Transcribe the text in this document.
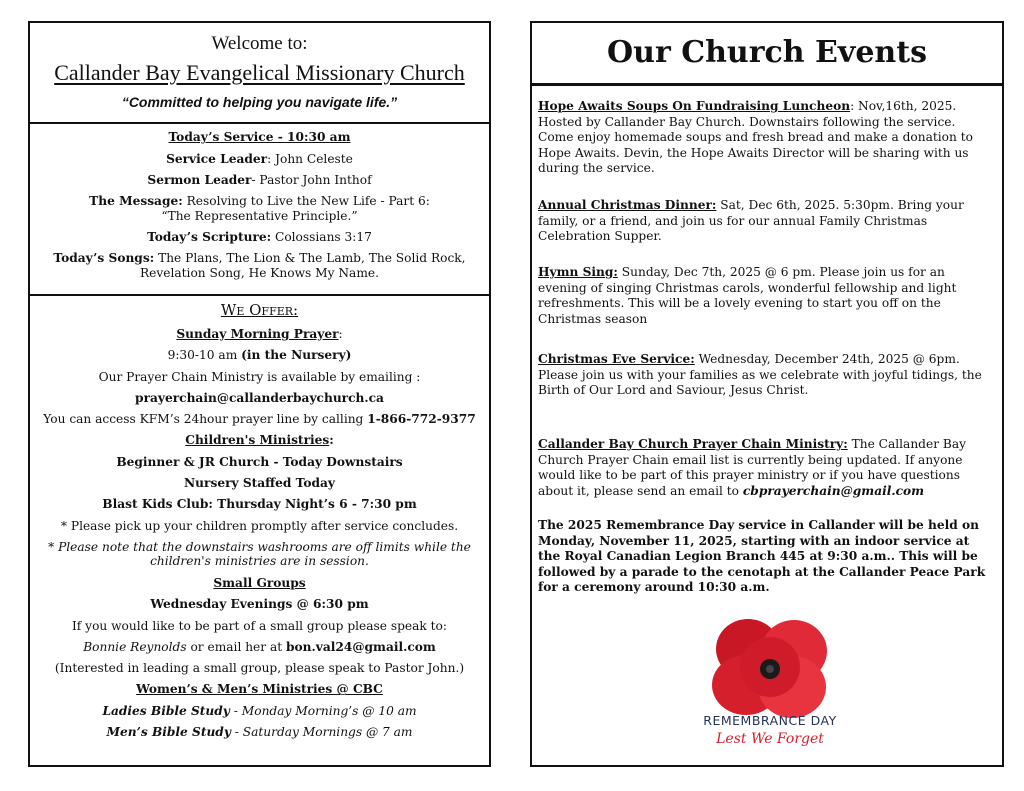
Welcome to:
Callander Bay Evangelical Missionary Church
“Committed to helping you navigate life.”

Today’s Service - 10:30 am

Service Leader: John Celeste

Sermon Leader- Pastor John Inthof

The Message: Resolving to Live the New Life - Part 6:
“The Representative Principle.”

Today’s Scripture: Colossians 3:17

Today’s Songs: The Plans, The Lion & The Lamb, The Solid Rock,
Revelation Song, He Knows My Name.

We Offer:

Sunday Morning Prayer:

9:30-10 am (in the Nursery)

Our Prayer Chain Ministry is available by emailing :

prayerchain@callanderbaychurch.ca

You can access KFM’s 24hour prayer line by calling 1-866-772-9377

Children's Ministries:

Beginner & JR Church - Today Downstairs

Nursery Staffed Today

Blast Kids Club: Thursday Night’s 6 - 7:30 pm

* Please pick up your children promptly after service concludes.

* Please note that the downstairs washrooms are off limits while the children's ministries are in session.

Small Groups

Wednesday Evenings @ 6:30 pm

If you would like to be part of a small group please speak to:

Bonnie Reynolds or email her at bon.val24@gmail.com

(Interested in leading a small group, please speak to Pastor John.)

Women’s & Men’s Ministries @ CBC

Ladies Bible Study - Monday Morning’s @ 10 am

Men’s Bible Study - Saturday Mornings @ 7 am

Our Church Events
Hope Awaits Soups On Fundraising Luncheon: Nov,16th, 2025. Hosted by Callander Bay Church. Downstairs following the service. Come enjoy homemade soups and fresh bread and make a donation to Hope Awaits. Devin, the Hope Awaits Director will be sharing with us during the service.
Annual Christmas Dinner: Sat, Dec 6th, 2025. 5:30pm. Bring your family, or a friend, and join us for our annual Family Christmas Celebration Supper.
Hymn Sing: Sunday, Dec 7th, 2025 @ 6 pm. Please join us for an evening of singing Christmas carols, wonderful fellowship and light refreshments. This will be a lovely evening to start you off on the Christmas season
Christmas Eve Service: Wednesday, December 24th, 2025 @ 6pm. Please join us with your families as we celebrate with joyful tidings, the Birth of Our Lord and Saviour, Jesus Christ.
Callander Bay Church Prayer Chain Ministry: The Callander Bay Church Prayer Chain email list is currently being updated. If anyone would like to be part of this prayer ministry or if you have questions about it, please send an email to cbprayerchain@gmail.com
The 2025 Remembrance Day service in Callander will be held on Monday, November 11, 2025, starting with an indoor service at the Royal Canadian Legion Branch 445 at 9:30 a.m.. This will be followed by a parade to the cenotaph at the Callander Peace Park for a ceremony around 10:30 a.m.
REMEMBRANCE DAY
Lest We Forget
